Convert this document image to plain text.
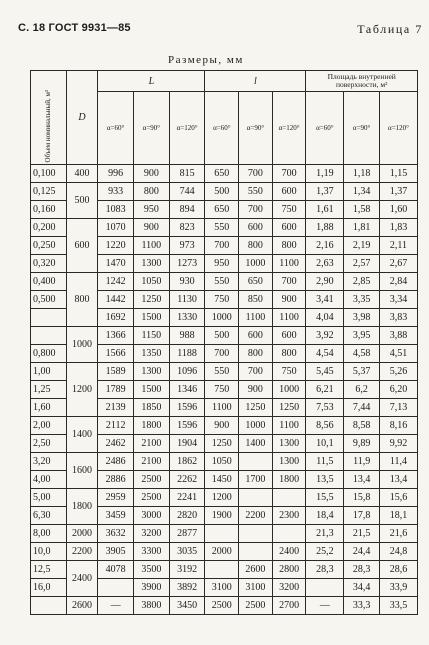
С. 18 ГОСТ 9931—85	Таблица 7
Размеры, мм
Объем номинальный, м³	D	L			l			Площадь внутренней поверхности, м²		
		α=60°	α=90°	α=120°	α=60°	α=90°	α=120°	α=60°	α=90°	α=120°
0,100	400	996	900	815	650	700	700	1,19	1,18	1,15
0,125	500	933	800	744	500	550	600	1,37	1,34	1,37
0,160		1083	950	894	650	700	750	1,61	1,58	1,60
0,200	600	1070	900	823	550	600	600	1,88	1,81	1,83
0,250		1220	1100	973	700	800	800	2,16	2,19	2,11
0,320		1470	1300	1273	950	1000	1100	2,63	2,57	2,67
0,400	800	1242	1050	930	550	650	700	2,90	2,85	2,84
0,500		1442	1250	1130	750	850	900	3,41	3,35	3,34
		1692	1500	1330	1000	1100	1100	4,04	3,98	3,83
	1000	1366	1150	988	500	600	600	3,92	3,95	3,88
0,800		1566	1350	1188	700	800	800	4,54	4,58	4,51
1,00	1200	1589	1300	1096	550	700	750	5,45	5,37	5,26
1,25		1789	1500	1346	750	900	1000	6,21	6,2	6,20
1,60		2139	1850	1596	1100	1250	1250	7,53	7,44	7,13
2,00	1400	2112	1800	1596	900	1000	1100	8,56	8,58	8,16
2,50		2462	2100	1904	1250	1400	1300	10,1	9,89	9,92
3,20	1600	2486	2100	1862	1050		1300	11,5	11,9	11,4
4,00		2886	2500	2262	1450	1700	1800	13,5	13,4	13,4
5,00	1800	2959	2500	2241	1200			15,5	15,8	15,6
6,30		3459	3000	2820	1900	2200	2300	18,4	17,8	18,1
8,00	2000	3632	3200	2877				21,3	21,5	21,6
10,0	2200	3905	3300	3035	2000		2400	25,2	24,4	24,8
12,5	2400	4078	3500	3192		2600	2800	28,3	28,3	28,6
16,0			3900	3892	3100	3100	3200		34,4	33,9
	2600	—	3800	3450	2500	2500	2700	—	33,3	33,5
